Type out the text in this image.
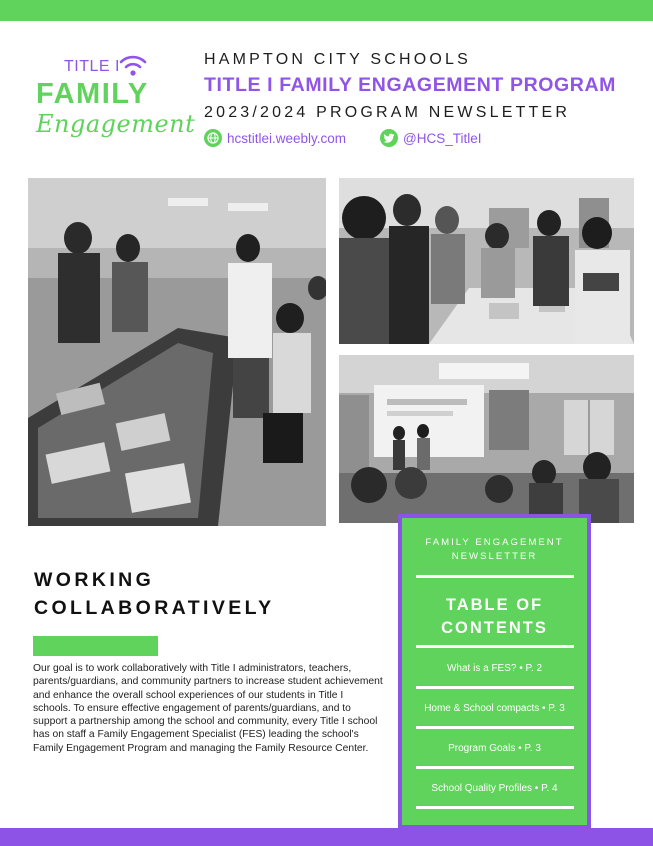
TITLE I
FAMILY
Engagement
HAMPTON CITY SCHOOLS
TITLE I FAMILY ENGAGEMENT PROGRAM
2023/2024 PROGRAM NEWSLETTER
hcstitlei.weebly.com	@HCS_TitleI
WORKING
COLLABORATIVELY

Our goal is to work collaboratively with Title I administrators, teachers, parents/guardians, and community partners to increase student achievement and enhance the overall school experiences of our students in Title I schools. To ensure effective engagement of parents/guardians, and to support a partnership among the school and community, every Title I school has on staff a Family Engagement Specialist (FES) leading the school's Family Engagement Program and managing the Family Resource Center.

FAMILY ENGAGEMENT NEWSLETTER
TABLE OF
CONTENTS
What is a FES? • P. 2
Home & School compacts • P. 3
Program Goals • P. 3
School Quality Profiles • P. 4
